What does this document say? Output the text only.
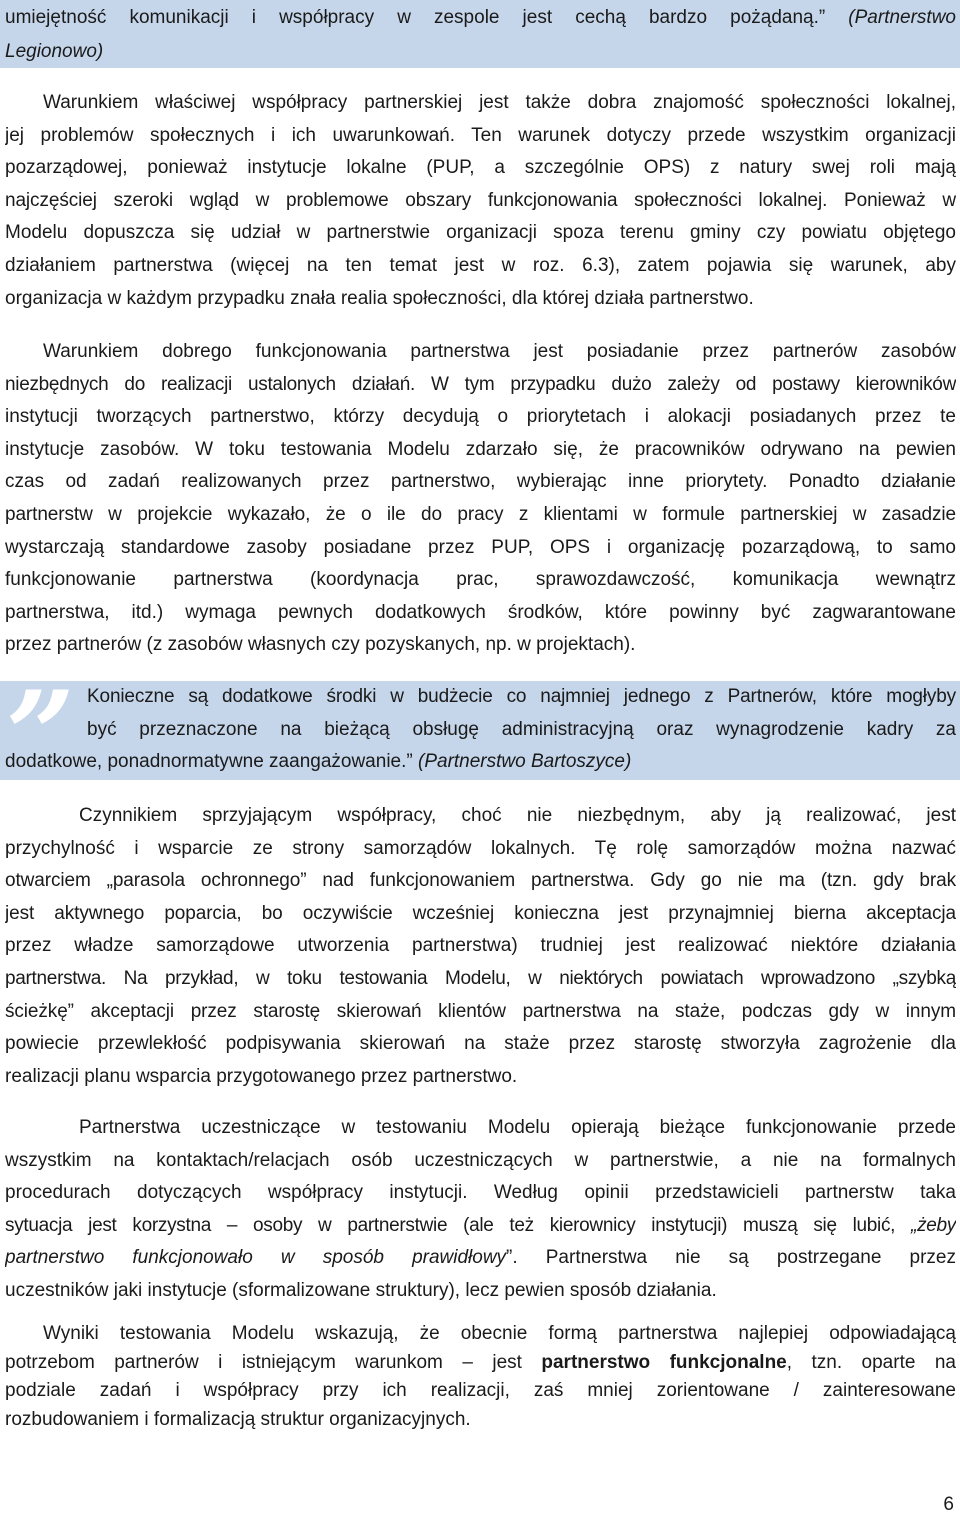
umiejętność komunikacji i współpracy w zespole jest cechą bardzo pożądaną.” (Partnerstwo

Legionowo)

Warunkiem właściwej współpracy partnerskiej jest także dobra znajomość społeczności lokalnej,

jej problemów społecznych i ich uwarunkowań. Ten warunek dotyczy przede wszystkim organizacji

pozarządowej, ponieważ instytucje lokalne (PUP, a szczególnie OPS) z natury swej roli mają

najczęściej szeroki wgląd w problemowe obszary funkcjonowania społeczności lokalnej. Ponieważ w

Modelu dopuszcza się udział w partnerstwie organizacji spoza terenu gminy czy powiatu objętego

działaniem partnerstwa (więcej na ten temat jest w roz. 6.3), zatem pojawia się warunek, aby

organizacja w każdym przypadku znała realia społeczności, dla której działa partnerstwo.

Warunkiem dobrego funkcjonowania partnerstwa jest posiadanie przez partnerów zasobów

niezbędnych do realizacji ustalonych działań. W tym przypadku dużo zależy od postawy kierowników

instytucji tworzących partnerstwo, którzy decydują o priorytetach i alokacji posiadanych przez te

instytucje zasobów. W toku testowania Modelu zdarzało się, że pracowników odrywano na pewien

czas od zadań realizowanych przez partnerstwo, wybierając inne priorytety. Ponadto działanie

partnerstw w projekcie wykazało, że o ile do pracy z klientami w formule partnerskiej w zasadzie

wystarczają standardowe zasoby posiadane przez PUP, OPS i organizację pozarządową, to samo

funkcjonowanie partnerstwa (koordynacja prac, sprawozdawczość, komunikacja wewnątrz

partnerstwa, itd.) wymaga pewnych dodatkowych środków, które powinny być zagwarantowane

przez partnerów (z zasobów własnych czy pozyskanych, np. w projektach).

Konieczne są dodatkowe środki w budżecie co najmniej jednego z Partnerów, które mogłyby

być przeznaczone na bieżącą obsługę administracyjną oraz wynagrodzenie kadry za

dodatkowe, ponadnormatywne zaangażowanie.” (Partnerstwo Bartoszyce)

”

Czynnikiem sprzyjającym współpracy, choć nie niezbędnym, aby ją realizować, jest

przychylność i wsparcie ze strony samorządów lokalnych. Tę rolę samorządów można nazwać

otwarciem „parasola ochronnego” nad funkcjonowaniem partnerstwa. Gdy go nie ma (tzn. gdy brak

jest aktywnego poparcia, bo oczywiście wcześniej konieczna jest przynajmniej bierna akceptacja

przez władze samorządowe utworzenia partnerstwa) trudniej jest realizować niektóre działania

partnerstwa. Na przykład, w toku testowania Modelu, w niektórych powiatach wprowadzono „szybką

ścieżkę” akceptacji przez starostę skierowań klientów partnerstwa na staże, podczas gdy w innym

powiecie przewlekłość podpisywania skierowań na staże przez starostę stworzyła zagrożenie dla

realizacji planu wsparcia przygotowanego przez partnerstwo.

Partnerstwa uczestniczące w testowaniu Modelu opierają bieżące funkcjonowanie przede

wszystkim na kontaktach/relacjach osób uczestniczących w partnerstwie, a nie na formalnych

procedurach dotyczących współpracy instytucji. Według opinii przedstawicieli partnerstw taka

sytuacja jest korzystna – osoby w partnerstwie (ale też kierownicy instytucji) muszą się lubić, „żeby

partnerstwo funkcjonowało w sposób prawidłowy”. Partnerstwa nie są postrzegane przez

uczestników jaki instytucje (sformalizowane struktury), lecz pewien sposób działania.

Wyniki testowania Modelu wskazują, że obecnie formą partnerstwa najlepiej odpowiadającą

potrzebom partnerów i istniejącym warunkom – jest partnerstwo funkcjonalne, tzn. oparte na

podziale zadań i współpracy przy ich realizacji, zaś mniej zorientowane / zainteresowane

rozbudowaniem i formalizacją struktur organizacyjnych.

6
